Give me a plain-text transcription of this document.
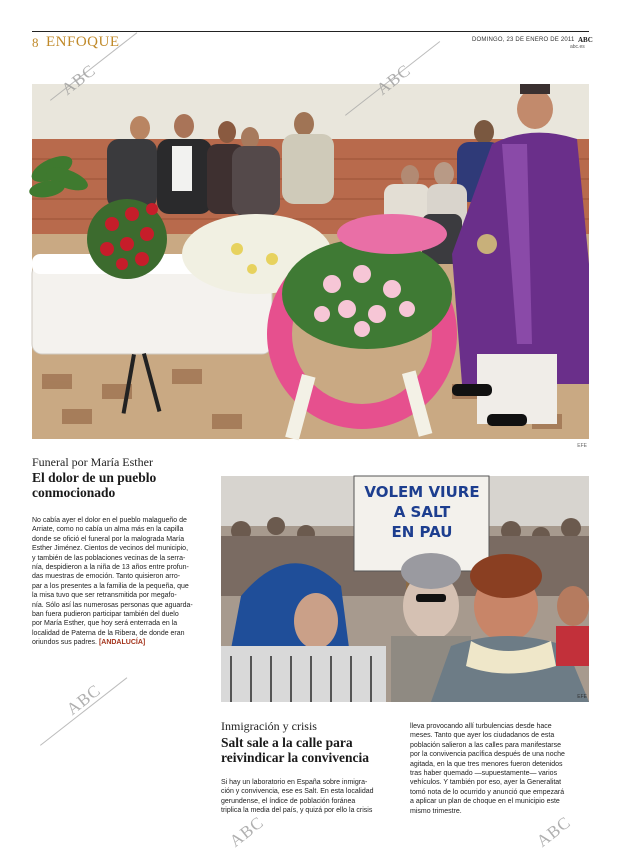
8 ENFOQUE	DOMINGO, 23 DE ENERO DE 2011 ABC
abc.es
EFE
Funeral por María Esther
El dolor de un pueblo
conmocionado
No cabía ayer el dolor en el pueblo malagueño de
Arriate, como no cabía un alma más en la capilla
donde se ofició el funeral por la malograda María
Esther Jiménez. Cientos de vecinos del municipio,
y también de las poblaciones vecinas de la serra-
nía, despidieron a la niña de 13 años entre profun-
das muestras de emoción. Tanto quisieron arro-
par a los presentes a la familia de la pequeña, que
la misa tuvo que ser retransmitida por megafo-
nía. Sólo así las numerosas personas que aguarda-
ban fuera pudieron participar también del duelo
por María Esther, que hoy será enterrada en la
localidad de Paterna de la Ribera, de donde eran
oriundos sus padres. [ANDALUCÍA]
VOLEM VIURE
A SALT
EN PAU
EFE
Inmigración y crisis
Salt sale a la calle para
reivindicar la convivencia
Si hay un laboratorio en España sobre inmigra-
ción y convivencia, ese es Salt. En esta localidad
gerundense, el índice de población foránea
triplica la media del país, y quizá por ello la crisis
lleva provocando allí turbulencias desde hace
meses. Tanto que ayer los ciudadanos de esta
población salieron a las calles para manifestarse
por la convivencia pacífica después de una noche
agitada, en la que tres menores fueron detenidos
tras haber quemado —supuestamente— varios
vehículos. Y también por eso, ayer la Generalitat
tomó nota de lo ocurrido y anunció que empezará
a aplicar un plan de choque en el municipio este
mismo trimestre.
ABC	ABC
ABC
ABC
ABC
